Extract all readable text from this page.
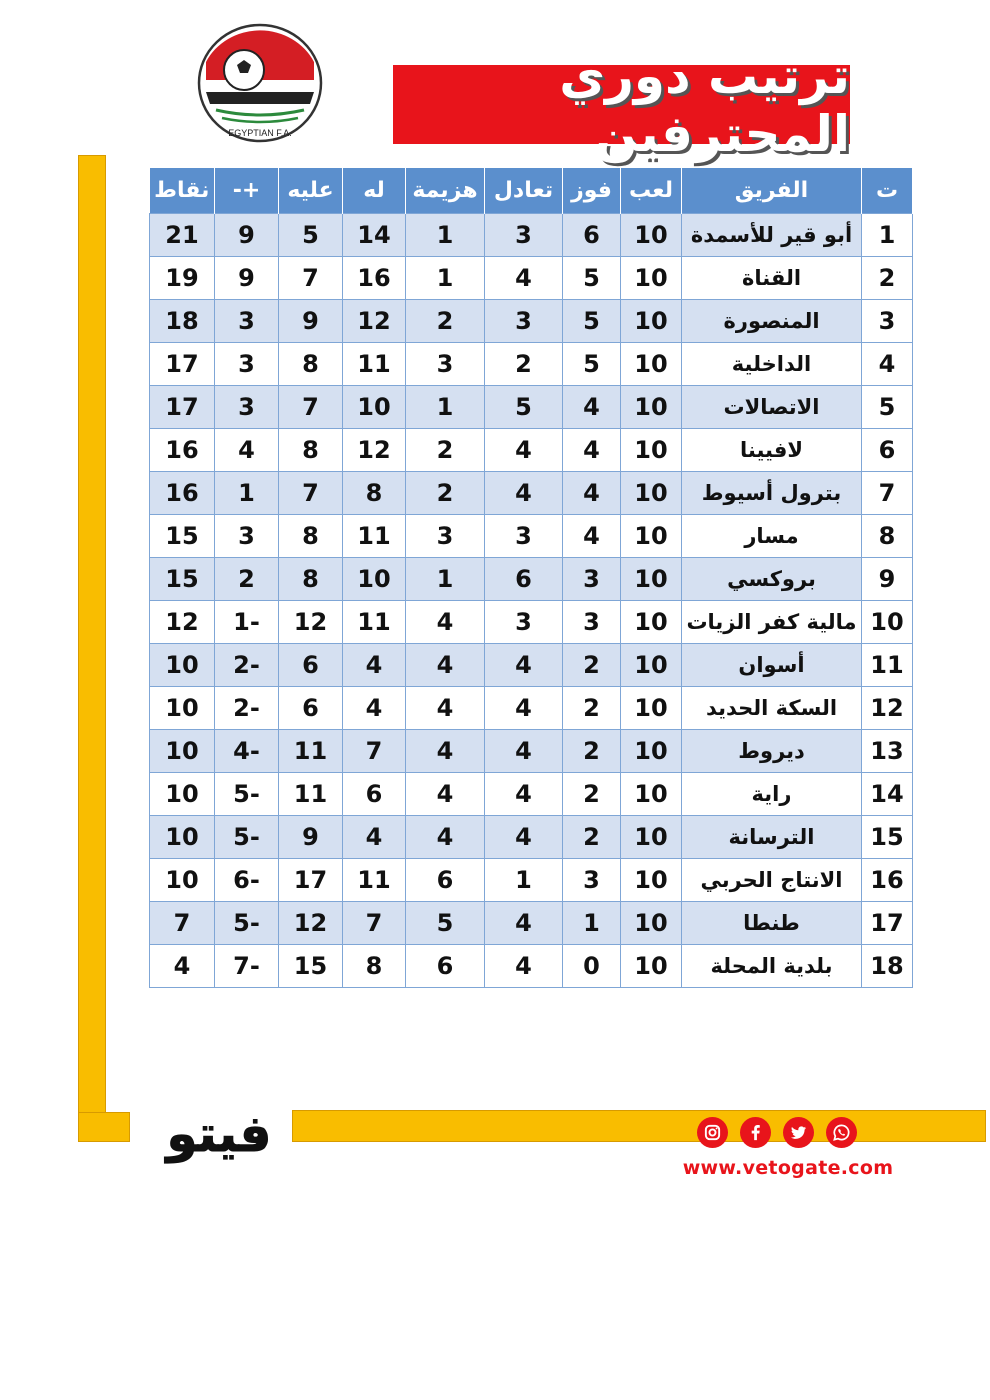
EGYPTIAN F.A.
ترتيب دوري المحترفين
ت	الفريق	لعب	فوز	تعادل	هزيمة	له	عليه	+-	نقاط
1	أبو قير للأسمدة	10	6	3	1	14	5	9	21
2	القناة	10	5	4	1	16	7	9	19
3	المنصورة	10	5	3	2	12	9	3	18
4	الداخلية	10	5	2	3	11	8	3	17
5	الاتصالات	10	4	5	1	10	7	3	17
6	لافيينا	10	4	4	2	12	8	4	16
7	بترول أسيوط	10	4	4	2	8	7	1	16
8	مسار	10	4	3	3	11	8	3	15
9	بروكسي	10	3	6	1	10	8	2	15
10	مالية كفر الزيات	10	3	3	4	11	12	-1	12
11	أسوان	10	2	4	4	4	6	-2	10
12	السكة الحديد	10	2	4	4	4	6	-2	10
13	ديروط	10	2	4	4	7	11	-4	10
14	راية	10	2	4	4	6	11	-5	10
15	الترسانة	10	2	4	4	4	9	-5	10
16	الانتاج الحربي	10	3	1	6	11	17	-6	10
17	طنطا	10	1	4	5	7	12	-5	7
18	بلدية المحلة	10	0	4	6	8	15	-7	4
فيتو
www.vetogate.com
